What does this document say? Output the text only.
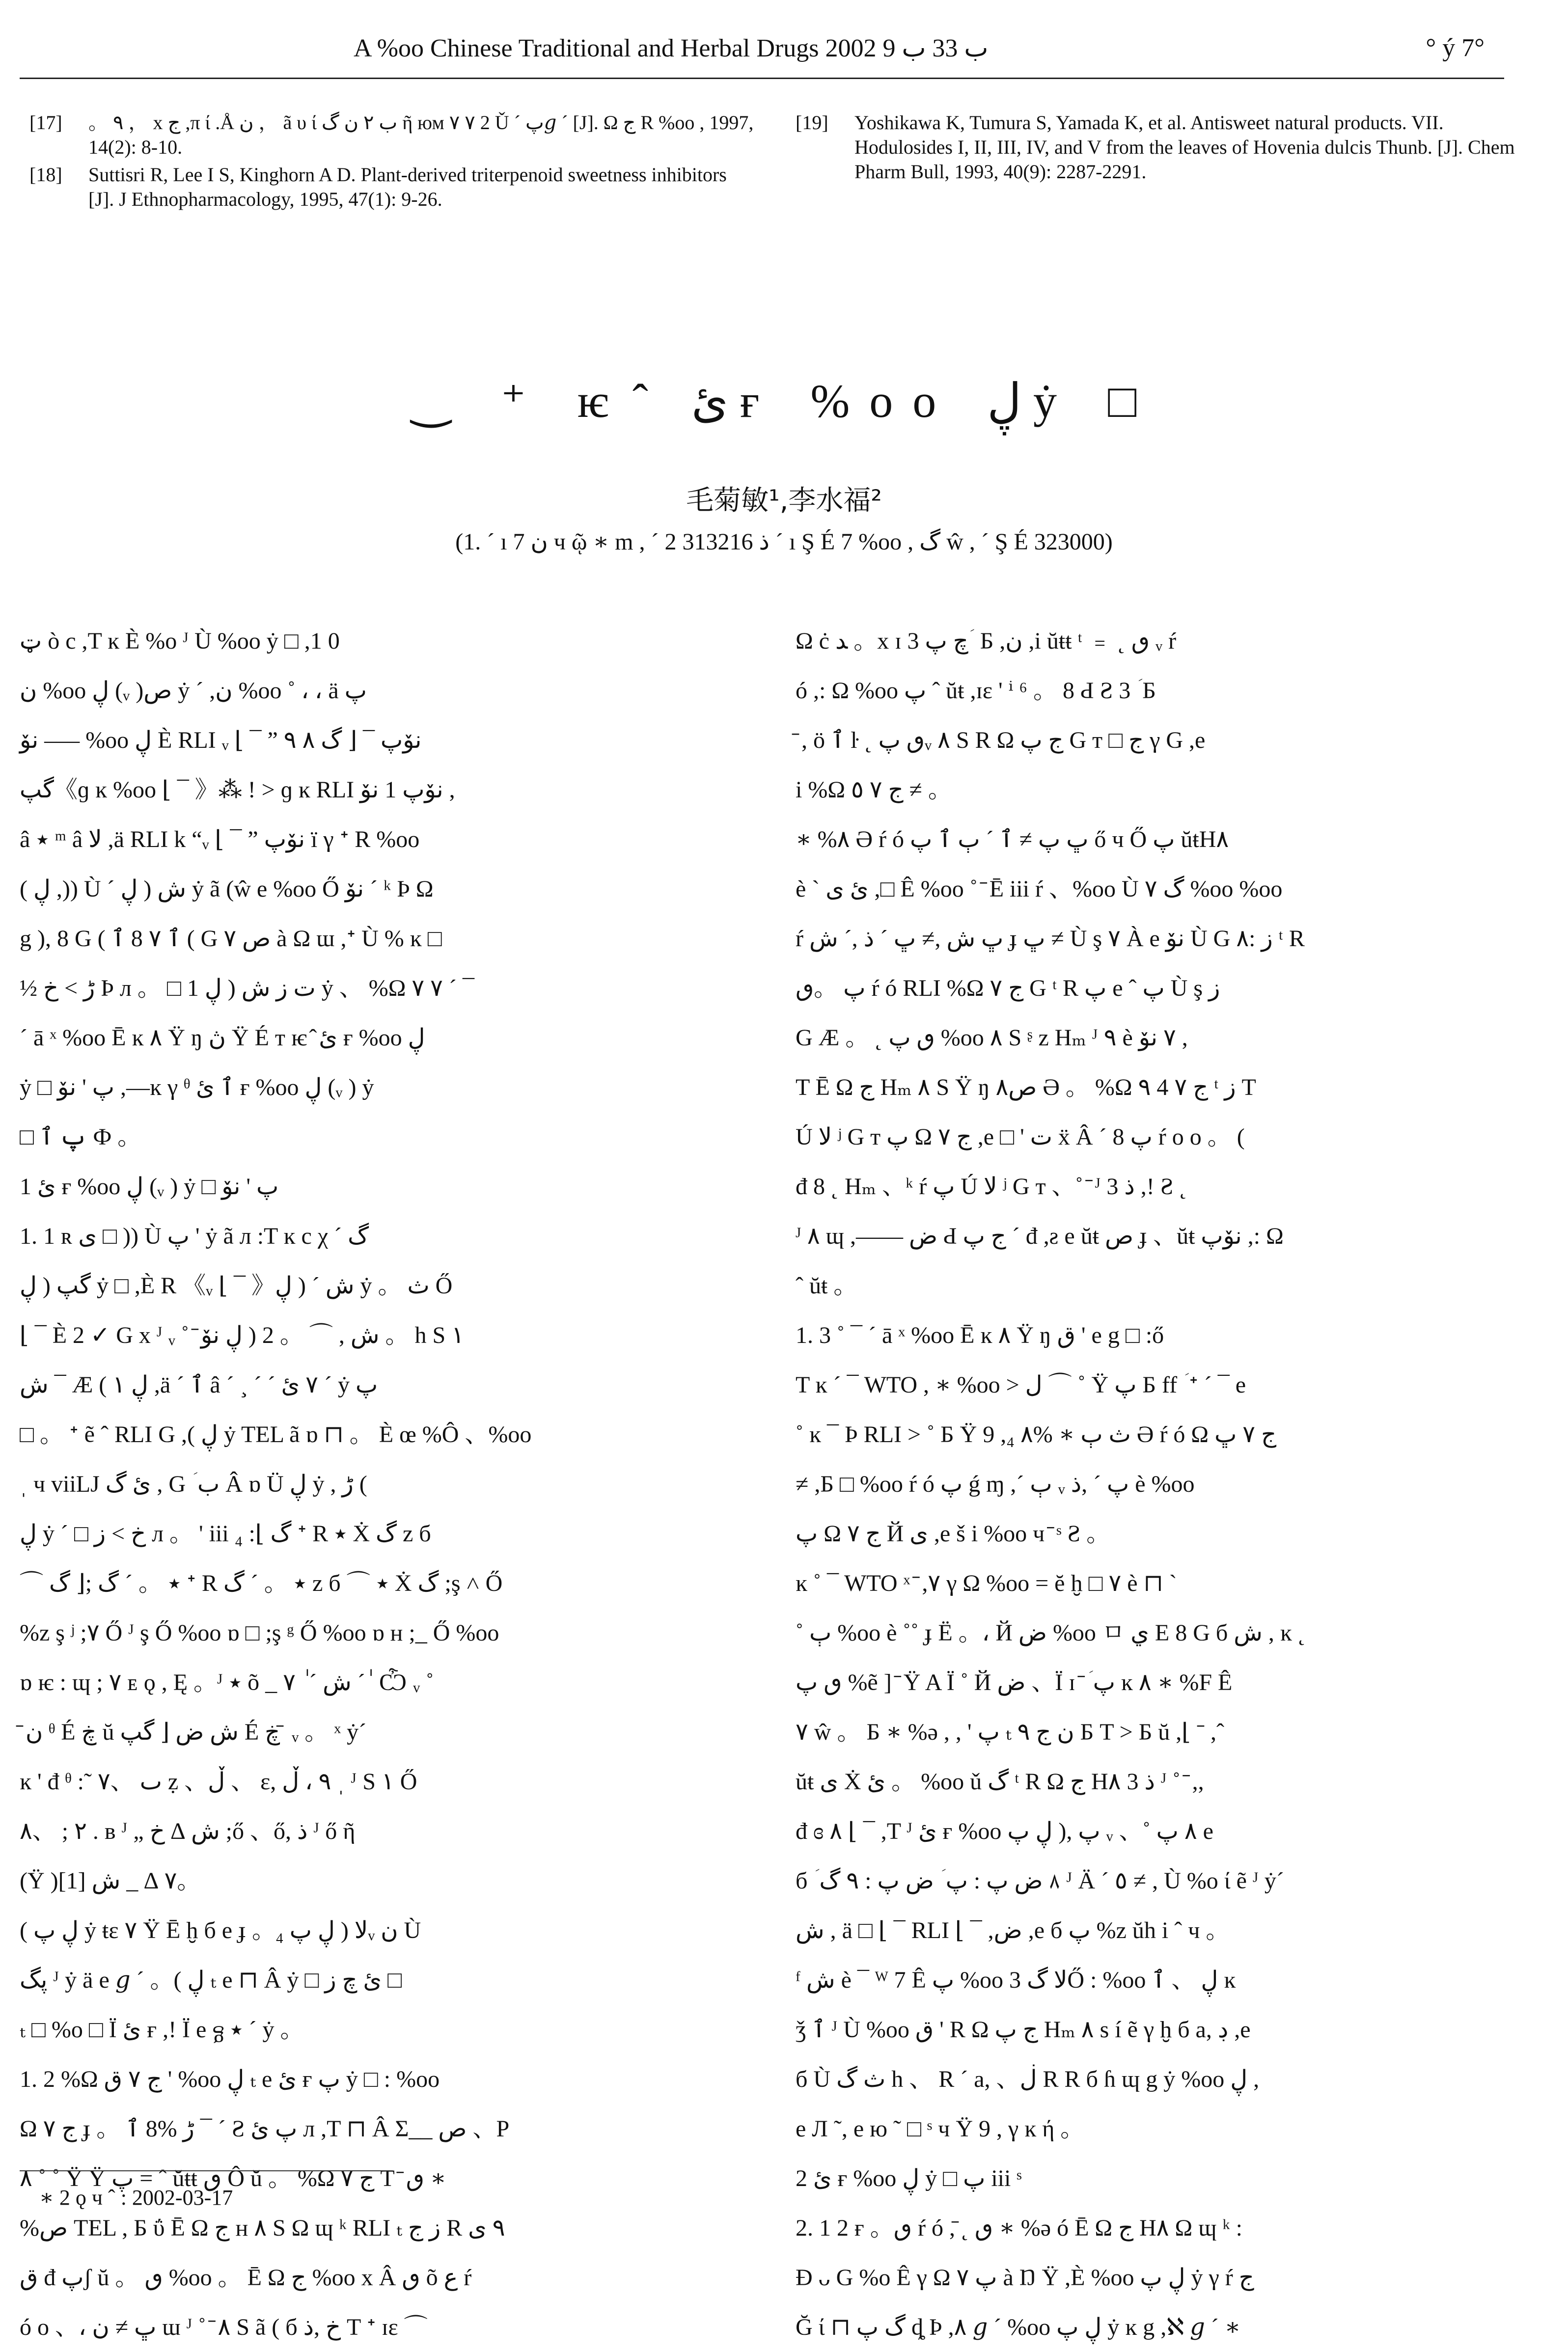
A %oo Chinese Traditional and Herbal Drugs 2002 ب 33 ب 9	° ý 7°
[17]	。 ٩ ， x ج ,π ί .Å ن ， ã υ ί ب ٢ ن گ ῆ юм ٧ ٧ 2 Ǔ ´ پ𝑔 ´ [J]. Ω ج R %oo , 1997, 14(2): 8-10.
[18]	Suttisri R, Lee I S, Kinghorn A D. Plant-derived triterpenoid sweetness inhibitors [J]. J Ethnopharmacology, 1995, 47(1): 9-26.
[19]	Yoshikawa K, Tumura S, Yamada K, et al. Antisweet natural products. VII. Hodulosides I, II, III, IV, and V from the leaves of Hovenia dulcis Thunb. [J]. Chem Pharm Bull, 1993, 40(9): 2287-2291.
‿ ⁺ ѥ ̂ ئ ғ %oo ڸ ẏ □
毛菊敏¹,李水福²
(1. ´ ı ن 7 ч ῷ ∗ m , ´ ذ 313216 2 ´ ı Ş É 7 %oo , گ ŵ , ´ Ş É 323000)
ټ ò c ,T ĸ È %o ᴶ Ù %oo ẏ □ ,1 0
ن %oo ڸ (ᵥ )ص ẏ ´ ,ن %oo ˚ ، ، ä پ
نۆ ‒‒‒ %oo ڸ È RLI ᵥ ⌊ ¯ ” نۆپ ¯ ⌊ گ ٨ ٩
گپ《ɡ ĸ %oo ⌊ ¯ 》⁂ ǃ > ɡ ĸ RLI نۆپ 1 نۆ ,
â ٭ ᵐ â ﻻ ,ä RLI k “ᵥ ⌊ ¯ ” نۆپ ï γ ᐩ R %oo
( ڸ ,)) Ù ´ ش ( ڸ ẏ ã (ŵ e %oo Ő نۆ ´ ᵏ Þ Ω
g ), 8 G ( ٱ ٧ 8 ٱ ( G ص ٧ à Ω ɯ ,ᐩ Ù % ĸ □
½ ڑ > خ Þ л 。 □ 1 ت ز ش ( ڸ ẏ 、 %Ω ٧ ٧ ´ ¯
´ ā ˣ %oo Ē ĸ ٨ Ÿ ŋ ڽ Ÿ É т ѥ ̂ ئ ғ %oo ڸ
ẏ □ پ ' نۆ ,—ĸ γ ᶿ ٱ ئ ғ %oo ڸ (ᵥ ) ẏ
□ پ ٱ Ф 。
1 ئ ғ %oo ڸ (ᵥ ) ẏ □ پ ' نۆ
1. 1 ʀ ی □ )) Ù پ ' ẏ ã л :T ĸ c χ ´ گ
گپ ( ڸ ẏ □ ,È R 《ᵥ ⌊ ¯ 》ش ´ ( ڸ ẏ 。 ث Ő
⌊ ¯ È 2 ✓ G x ᴶ ᵥ ˚ ̄ ش , ⌒ 。 2 ( ڸ نۆ 。 h S ١
ش ¯ Æ ( ڸ ١ ,ä ´ ٱ â ´ ¸ ´ ´ ٧ ئ ´ ẏ پ
□ 。 ᐩ ẽ ˆ RLI G ,( ڸ ẏ TEL ã ɒ ⊓ 。 È œ %Ô 、%oo
ˌ ч viiLJ ئ گ , G ؘ ب Â ɒ Ü ڸ ẏ , ڑ (
ڸ ẏ ´ □ خ > ز л 。 ' iii ₄ :⌊ گ ᐩ R ٭ Ẋ گ z б
⌒ ٭ 。 ´ گ ;⌊ گ ᐩ R ٭ 。 ´ گ z б ⌒ ٭ Ẋ گ ;ş ˄ Ő
%z ş ʲ ;٧ Ő ᴶ ş Ő %oo ɒ □ ;ş ᵍ Ő %oo ɒ ʜ ;_ Ő %oo
ɒ ѥ : ɰ ; ٧ ᴇ ǫ , Ę 。ᴶ ٭ õ _ ش ´ ٰ ٧ ´ ٰ Ѽ ᵥ ˚
̄ ن ᶿ É ڿ ŭ ش ض ⌊ گپ É ڿ ̄ ᵥ 。 ˣ ẏ´
ĸ ' đ ᶿ :˜ ٮ 、٧ ẓ 、ڵ 、 ε, ٩ ، ڵ ˌ ᴶ S ١ Ő
٢ ; 、٨ . ʙ ᴶ „ ش ∆ خ ;ő 、ő, ذ ᴶ ő ῆ
(Ÿ )٧ ∆ _ ش [1]。
( ڸ پ ẏ ŧɛ ٧ Ÿ Ē ḫ б e ɟ 。₄ ﻻ ( ڸ پᵥ ن Ù
پگ ᴶ ẏ ä e 𝑔 ´ 。( ڸ ₜ e ⊓ Â ẏ □ ئ ﭺ ز □
ₜ □ %o □ Ï ئ ғ ,ǃ Ï e ᵷ ٭ ´ ẏ 。
1. 2 %Ω ج ٧ ق ' %oo ڸ ₜ e ئ ғ پ ẏ □ : %oo
Ω ج ٧ ɟ 。 ڑ %8 ٱ ¯ ´ Ƨ پ ئ л ,T ⊓ Â Σ__ ص 、P
٨ ˚ ˚ Ÿ Ÿ پ = ˆ ŭŧŧ ٯ Ô ŭ 。 %Ω ج ٧ T ̄ ٯ ∗
%ص TEL , Б ΰ Ē Ω ج ʜ ٨ S Ω ɰ ᵏ RLI ₜ ز ج R ٩ ی
ق đ پʃ ŭ 。 ٯ %oo 。 Ē Ω ج %oo x Â ٯ õ ع ŕ
ó о 、، ڀ ≠ ن ɯ ᴶ ˚ ̄ ٨ S ã ( б خ ,ذ T ᐩ ɪɛ ⌒
Ω ċ ﺪ 。x ɪ ﭺ پ 3 ؘ Б ,ن ,i ŭŧŧ ᵗ ﹦ ˛ ٯ ᵥ ŕ
ó ,: Ω %oo پ ˆ ŭŧ ,ɪɛ ' ⁱ ⁶ 。 8 Ԁ Ƨ 3 ؘ Б
̄ , ö ٱ ŀ ˛ ٯ پᵥ ٨ S R Ω ج پ G т □ ج γ G ,e
i %Ω ج ٧ ٥ ≠ 。
∗ %٨ Ə ŕ ó ڀ پ ≠ ٱ ´ ٻ ٱ پ ő ч Ő پ ŭŧH٨
è ` ئ ی ,□ Ê %oo ˚ ̄ Ē iii ŕ 、%oo Ù گ ٧ %oo %oo
ŕ ڀ ش ,≠ ڀ ´ ذ ,´ ش ɟ ڀ ≠ Ù ş ٧ À e نۆ Ù G ز :٨ ᵗ R
پ 。ٯ ŕ ó RLI %Ω ج ٧ G ᵗ R پ e ˆ پ Ù ş ﺯ
G Æ 。 ˛ ٯ پ %oo ٨ S ᶳ z Hₘ ᴶ ٩ è ٧ نۆ ,
T Ē Ω ج Hₘ ٨ S Ÿ ŋ ص٨ Ә 。 %Ω ج ٧ 4 ٩ ᵗ ز T
Ú ﻻ ʲ G т پ Ω ج ٧ ,e □ ' ت ẍ Â ´ 8 پ ŕ о о 。 (
đ 8 ˛ Hₘ 、ᵏ ŕ پ Ú ﻻ ʲ G т 、˚ ̄ ᴶ 3 ذ ,ǃ Ƨ ˛
ᴶ ٨ ɰ ,—— ض Ԁ ج پ ´ đ ,ƨ e ŭŧ ص ɟ 、ŭŧ نۆپ ,: Ω
ˆ ŭŧ 。
1. 3 ˚ ¯ ´ ā ˣ %oo Ē ĸ ٨ Ÿ ŋ ق ' e g □ :ő
T ĸ ´ ¯ WTO , ∗ %oo > ل ⌒ ˚ Ÿ پ Б ff ؘ ᐩ ´ ¯ e
˚ ĸ ¯ Þ RLI > ˚ Б Ÿ 9 ,₄ ث ٻ ∗ %٨ Ə ŕ ó Ω ج ٧ ڀ
≠ ,Б □ %oo ŕ ó پ ǵ ɱ ,´ ٻ ᵥ پ ´ ,ذ è %oo
پ Ω ج ٧ Й ی ,e š i %oo ч ̄ ˢ Ƨ 。
ĸ ˚ ¯ WTO ˣ ̄ ,٧ γ Ω %oo = ĕ ḫ □ ٧ è ⊓ `
˚ ٻ %oo è ˚˚ ɟ Ë 。، Й ض %oo ㅁ ي E 8 G б ش , ĸ ˛
ٯ پ %ẽ ] ̄ Ÿ A Ï ˚ Й ض 、Ï ɪ ̄ ؘ پ ĸ ٨ ∗ %F Ê
٧ ŵ 。 Б ∗ %ǝ , , ' پ ₜ ن ج ٩ Б T > Б ŭ ,⌊ ˉ ,ˆ
ŭŧ ی Ẋ ئ 。 %oo ǔ گ ᵗ R Ω ج H٨ 3 ذ ᴶ ˚ ̄ ,,
đ ɞ ٨ ⌊ ¯ ,T ᴶ ئ ғ %oo پ ,( ڸ پ ᵥ 、˚ ٨ پ e
б ؘ ٨ ض پ : پ ؘ ض پ : ٩ گ ᴶ Ä ´ ٥ ≠ , Ù %o ί ẽ ᴶ ẏ´
ش , ä □ ⌊ ¯ RLI ⌊ ¯ ,ض ,e б پ %z ŭh i ˆ ч 。
ᶠ ش è ¯ ᵂ 7 Ê پ %oo ﻻ گ 3Ő : %oo ڸ 、 ٱ ĸ
ǯ ٱ ᴶ Ù %oo ق ' R Ω ج پ Hₘ ٨ s í ẽ γ ḫ б a, ڊ ,e
б Ù ث گ h 、 R ´ a, 、ڶ R R б ɦ ɰ g ẏ %oo ڸ ,
e Л ˜, e ю ˜ □ ˢ ч Ÿ 9 , γ ĸ ή 。
2 ئ ғ %oo ڸ ẏ □ پ iii ˢ
2. 1 2 ғ 。ٯ ŕ ó ,̄ ˛ ٯ ∗ %ǝ ó Ē Ω ج H٨ Ω ɰ ᵏ :
Ɖ ᴗ G %o Ê γ Ω پ ٧ à Ŋ Ÿ ,È %oo ڸ پ ẏ γ ŕ ج
Ğ ί ⊓ گ پ ȡ Þ ,٨ 𝑔 ´ %oo ڸ پ ẏ ĸ g ,ℵ 𝑔 ´ ∗
∗ 2 ǫ ч ˆ : 2002-03-17
